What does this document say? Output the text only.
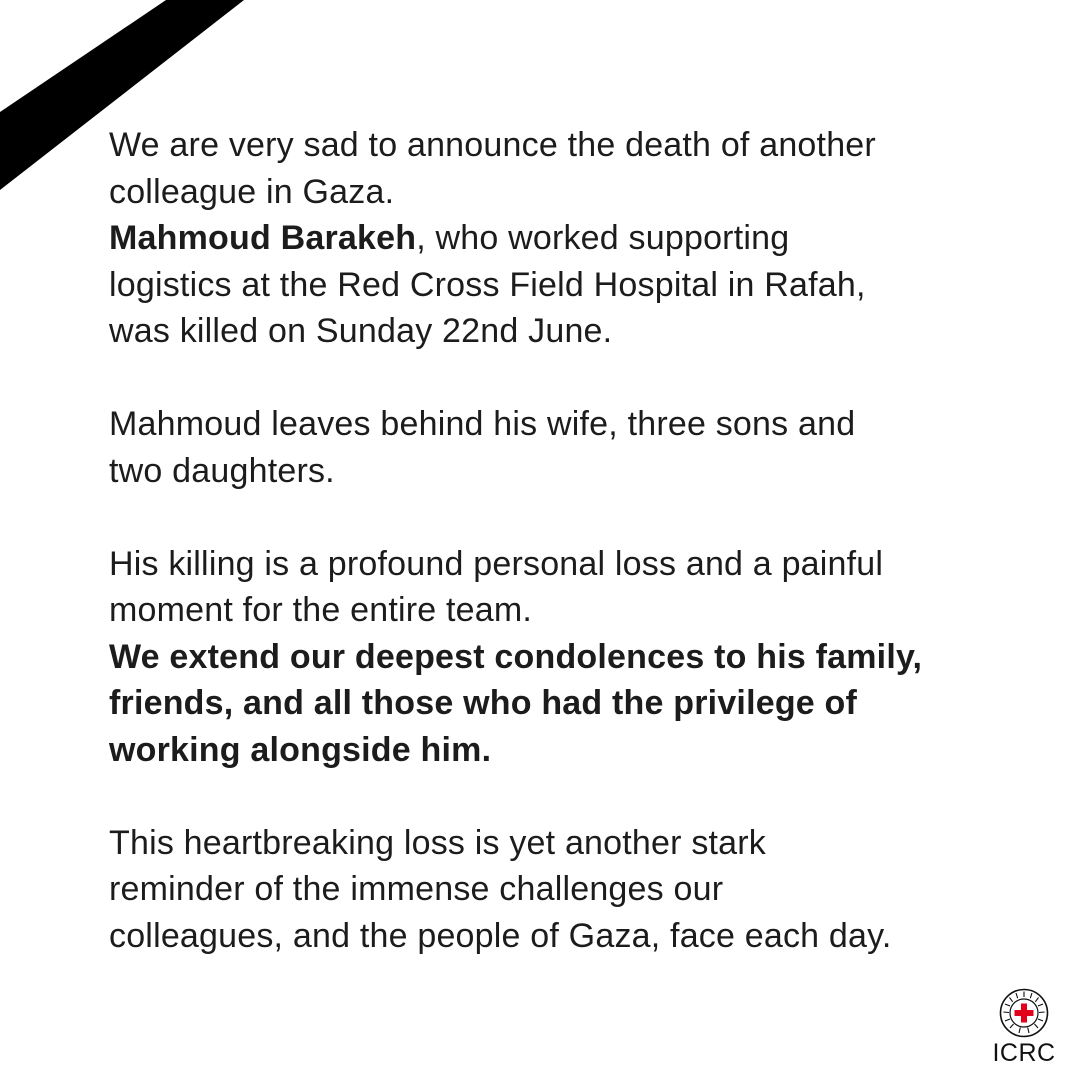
We are very sad to announce the death of another
colleague in Gaza.
Mahmoud Barakeh, who worked supporting
logistics at the Red Cross Field Hospital in Rafah,
was killed on Sunday 22nd June.
Mahmoud leaves behind his wife, three sons and
two daughters.
His killing is a profound personal loss and a painful
moment for the entire team.
We extend our deepest condolences to his family,
friends, and all those who had the privilege of
working alongside him.
This heartbreaking loss is yet another stark
reminder of the immense challenges our
colleagues, and the people of Gaza, face each day.
ICRC
